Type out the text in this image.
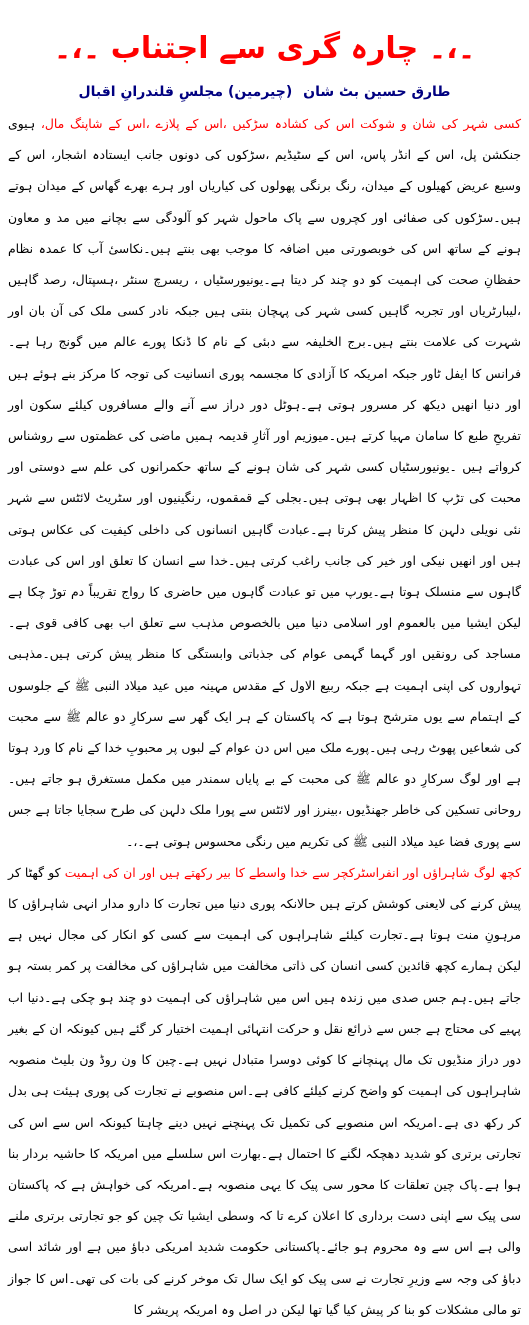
۔،۔ چارہ گری سے اجتناب ۔،۔
طارق حسین بٹ شان (چیرمین) مجلسِ قلندرانِ اقبال

کسی شہر کی شان و شوکت اس کی کشادہ سڑکیں ،اس کے پلازے ،اس کے شاپنگ مال، ہیوی جنکشن پل، اس کے انڈر پاس، اس کے سٹیڈیم ،سڑکوں کی دونوں جانب ایستادہ اشجار، اس کے وسیع عریض کھیلوں کے میدان، رنگ برنگی پھولوں کی کیاریاں اور ہرے بھرے گھاس کے میدان ہوتے ہیں۔سڑکوں کی صفائی اور کچروں سے پاک ماحول شہر کو آلودگی سے بچانے میں مد و معاون ہونے کے ساتھ اس کی خوبصورتی میں اضافہ کا موجب بھی بنتے ہیں۔نکاسیٔ آب کا عمدہ نظام حفظانِ صحت کی اہمیت کو دو چند کر دیتا ہے۔یونیورسٹیاں ، ریسرچ سنٹر ،ہسپتال، رصد گاہیں ،لیبارٹریاں اور تجربہ گاہیں کسی شہر کی پہچان بنتی ہیں جبکہ نادر کسی ملک کی آن بان اور شہرت کی علامت بنتے ہیں۔برج الخلیفہ سے دبئی کے نام کا ڈنکا پورے عالم میں گونج رہا ہے۔فرانس کا ایفل ٹاور جبکہ امریکہ کا آزادی کا مجسمہ پوری انسانیت کی توجہ کا مرکز بنے ہوئے ہیں اور دنیا انھیں دیکھ کر مسرور ہوتی ہے۔ہوٹل دور دراز سے آنے والے مسافروں کیلئے سکون اور تفریحِ طبع کا سامان مہیا کرتے ہیں۔میوزیم اور آثارِ قدیمہ ہمیں ماضی کی عظمتوں سے روشناس کرواتے ہیں ۔یونیورسٹیاں کسی شہر کی شان ہونے کے ساتھ حکمرانوں کی علم سے دوستی اور محبت کی تڑپ کا اظہار بھی ہوتی ہیں۔بجلی کے قمقموں، رنگینیوں اور سٹریٹ لائٹس سے شہر نئی نویلی دلہن کا منظر پیش کرتا ہے۔عبادت گاہیں انسانوں کی داخلی کیفیت کی عکاس ہوتی ہیں اور انھیں نیکی اور خیر کی جانب راغب کرتی ہیں۔خدا سے انسان کا تعلق اور اس کی عبادت گاہوں سے منسلک ہوتا ہے۔یورپ میں تو عبادت گاہوں میں حاضری کا رواج تقریباً دم توڑ چکا ہے لیکن ایشیا میں بالعموم اور اسلامی دنیا میں بالخصوص مذہب سے تعلق اب بھی کافی قوی ہے۔مساجد کی رونقیں اور گہما گہمی عوام کی جذباتی وابستگی کا منظر پیش کرتی ہیں۔مذہبی تہواروں کی اپنی اہمیت ہے جبکہ ربیع الاول کے مقدس مہینہ میں عید میلاد النبی ﷺ کے جلوسوں کے اہتمام سے یوں مترشح ہوتا ہے کہ پاکستان کے ہر ایک گھر سے سرکارِ دو عالم ﷺ سے محبت کی شعاعیں پھوٹ رہی ہیں۔پورے ملک میں اس دن عوام کے لبوں پر محبوبِ خدا کے نام کا ورد ہوتا ہے اور لوگ سرکارِ دو عالم ﷺ کی محبت کے بے پایاں سمندر میں مکمل مستغرق ہو جاتے ہیں۔روحانی تسکین کی خاطر جھنڈیوں ،بینرز اور لائٹس سے پورا ملک دلہن کی طرح سجایا جاتا ہے جس سے پوری فضا عید میلاد النبی ﷺ کی تکریم میں رنگی محسوس ہوتی ہے۔،۔

کچھ لوگ شاہراؤں اور انفراسٹرکچر سے خدا واسطے کا بیر رکھتے ہیں اور ان کی اہمیت کو گھٹا کر پیش کرنے کی لایعنی کوشش کرتے ہیں حالانکہ پوری دنیا میں تجارت کا دارو مدار انہی شاہراؤں کا مرہونِ منت ہوتا ہے۔تجارت کیلئے شاہراہوں کی اہمیت سے کسی کو انکار کی مجال نہیں ہے لیکن ہمارے کچھ قائدین کسی انسان کی ذاتی مخالفت میں شاہراؤں کی مخالفت پر کمر بستہ ہو جاتے ہیں۔ہم جس صدی میں زندہ ہیں اس میں شاہراؤں کی اہمیت دو چند ہو چکی ہے۔دنیا اب پہیے کی محتاج ہے جس سے ذرائع نقل و حرکت انتہائی اہمیت اختیار کر گئے ہیں کیونکہ ان کے بغیر دور دراز منڈیوں تک مال پہنچانے کا کوئی دوسرا متبادل نہیں ہے۔چین کا ون روڈ ون بلیٹ منصوبہ شاہراہوں کی اہمیت کو واضح کرنے کیلئے کافی ہے۔اس منصوبے نے تجارت کی پوری ہیئت ہی بدل کر رکھ دی ہے۔امریکہ اس منصوبے کی تکمیل تک پہنچنے نہیں دینے چاہتا کیونکہ اس سے اس کی تجارتی برتری کو شدید دھچکہ لگنے کا احتمال ہے۔بھارت اس سلسلے میں امریکہ کا حاشیہ بردار بنا ہوا ہے۔پاک چین تعلقات کا محور سی پیک کا یہی منصوبہ ہے۔امریکہ کی خواہش ہے کہ پاکستان سی پیک سے اپنی دست برداری کا اعلان کرے تا کہ وسطی ایشیا تک چین کو جو تجارتی برتری ملنے والی ہے اس سے وہ محروم ہو جائے۔پاکستانی حکومت شدید امریکی دباؤ میں ہے اور شائد اسی دباؤ کی وجہ سے وزیرِ تجارت نے سی پیک کو ایک سال تک موخر کرنے کی بات کی تھی۔اس کا جواز تو مالی مشکلات کو بنا کر پیش کیا گیا تھا لیکن در اصل وہ امریکہ پریشر کا
